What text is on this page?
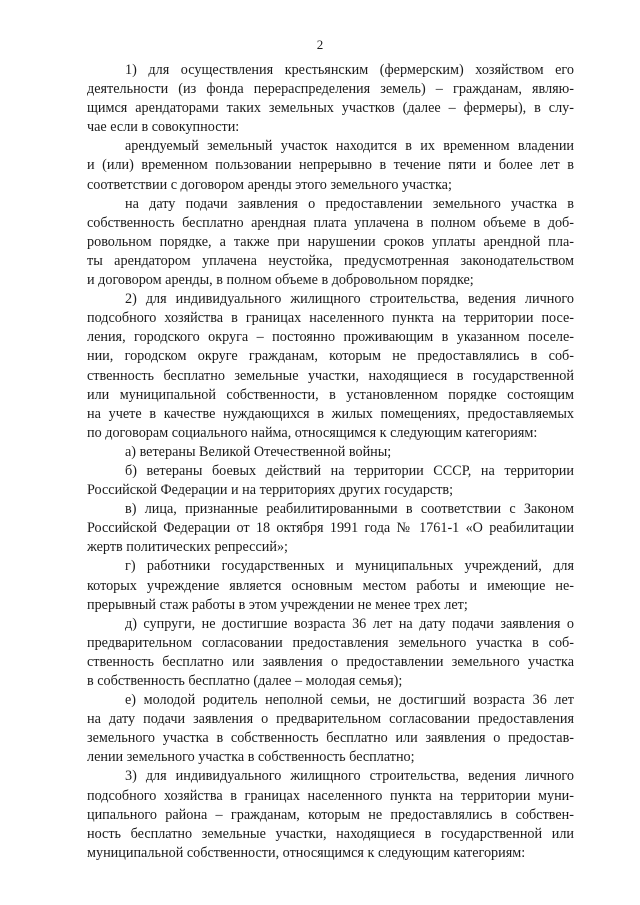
2
1) для осуществления крестьянским (фермерским) хозяйством его
деятельности (из фонда перераспределения земель) – гражданам, являю-
щимся арендаторами таких земельных участков (далее – фермеры), в слу-
чае если в совокупности:
арендуемый земельный участок находится в их временном владении
и (или) временном пользовании непрерывно в течение пяти и более лет в
соответствии с договором аренды этого земельного участка;
на дату подачи заявления о предоставлении земельного участка в
собственность бесплатно арендная плата уплачена в полном объеме в доб-
ровольном порядке, а также при нарушении сроков уплаты арендной пла-
ты арендатором уплачена неустойка, предусмотренная законодательством
и договором аренды, в полном объеме в добровольном порядке;
2) для индивидуального жилищного строительства, ведения личного
подсобного хозяйства в границах населенного пункта на территории посе-
ления, городского округа – постоянно проживающим в указанном поселе-
нии, городском округе гражданам, которым не предоставлялись в соб-
ственность бесплатно земельные участки, находящиеся в государственной
или муниципальной собственности, в установленном порядке состоящим
на учете в качестве нуждающихся в жилых помещениях, предоставляемых
по договорам социального найма, относящимся к следующим категориям:
а) ветераны Великой Отечественной войны;
б) ветераны боевых действий на территории СССР, на территории
Российской Федерации и на территориях других государств;
в) лица, признанные реабилитированными в соответствии с Законом
Российской Федерации от 18 октября 1991 года № 1761-1 «О реабилитации
жертв политических репрессий»;
г) работники государственных и муниципальных учреждений, для
которых учреждение является основным местом работы и имеющие не-
прерывный стаж работы в этом учреждении не менее трех лет;
д) супруги, не достигшие возраста 36 лет на дату подачи заявления о
предварительном согласовании предоставления земельного участка в соб-
ственность бесплатно или заявления о предоставлении земельного участка
в собственность бесплатно (далее – молодая семья);
е) молодой родитель неполной семьи, не достигший возраста 36 лет
на дату подачи заявления о предварительном согласовании предоставления
земельного участка в собственность бесплатно или заявления о предостав-
лении земельного участка в собственность бесплатно;
3) для индивидуального жилищного строительства, ведения личного
подсобного хозяйства в границах населенного пункта на территории муни-
ципального района – гражданам, которым не предоставлялись в собствен-
ность бесплатно земельные участки, находящиеся в государственной или
муниципальной собственности, относящимся к следующим категориям:
